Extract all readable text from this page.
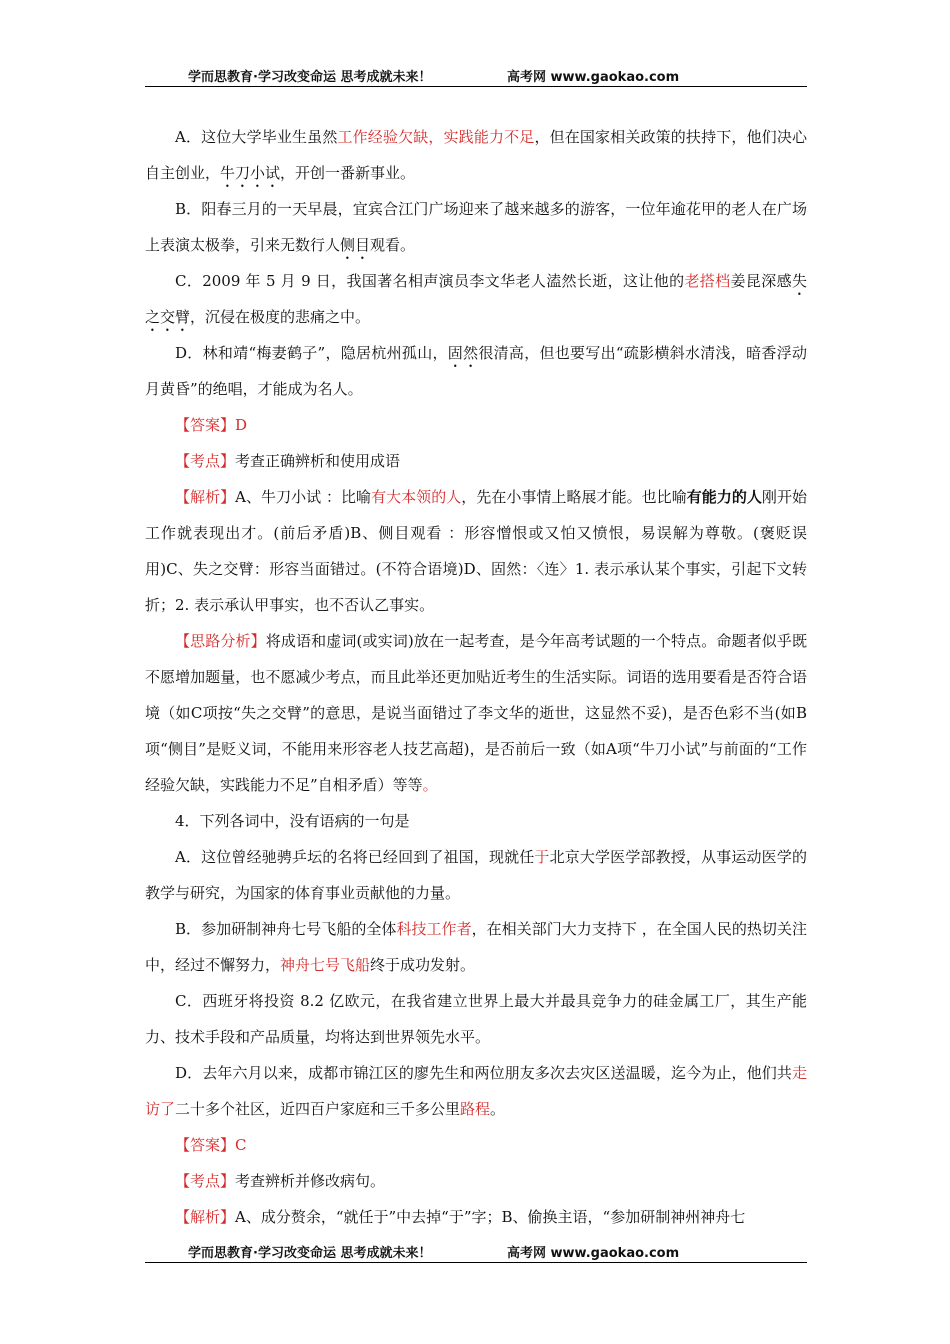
学而思教育·学习改变命运 思考成就未来！	高考网 www.gaokao.com

A．这位大学毕业生虽然工作经验欠缺，实践能力不足，但在国家相关政策的扶持下，他们决心自主创业，牛刀小试，开创一番新事业。

B．阳春三月的一天早晨，宜宾合江门广场迎来了越来越多的游客，一位年逾花甲的老人在广场上表演太极拳，引来无数行人侧目观看。

C．2009 年 5 月 9 日，我国著名相声演员李文华老人溘然长逝，这让他的老搭档姜昆深感失之交臂，沉侵在极度的悲痛之中。

D．林和靖“梅妻鹤子”，隐居杭州孤山，固然很清高，但也要写出“疏影横斜水清浅，暗香浮动月黄昏”的绝唱，才能成为名人。

【答案】D

【考点】考查正确辨析和使用成语

【解析】A、牛刀小试 ：比喻有大本领的人，先在小事情上略展才能。也比喻有能力的人刚开始工作就表现出才。(前后矛盾)B、侧目观看 ：形容憎恨或又怕又愤恨，易误解为尊敬。(褒贬误用)C、失之交臂：形容当面错过。(不符合语境)D、固然：〈连〉1. 表示承认某个事实，引起下文转折；2. 表示承认甲事实，也不否认乙事实。

【思路分析】将成语和虚词(或实词)放在一起考查，是今年高考试题的一个特点。命题者似乎既不愿增加题量，也不愿减少考点，而且此举还更加贴近考生的生活实际。词语的选用要看是否符合语境（如C项按“失之交臂”的意思，是说当面错过了李文华的逝世，这显然不妥)，是否色彩不当(如B项“侧目”是贬义词，不能用来形容老人技艺高超)，是否前后一致（如A项“牛刀小试”与前面的“工作经验欠缺，实践能力不足”自相矛盾）等等。

4．下列各词中，没有语病的一句是

A．这位曾经驰骋乒坛的名将已经回到了祖国，现就任于北京大学医学部教授，从事运动医学的教学与研究，为国家的体育事业贡献他的力量。

B．参加研制神舟七号飞船的全体科技工作者，在相关部门大力支持下 ，在全国人民的热切关注中，经过不懈努力，神舟七号飞船终于成功发射。

C．西班牙将投资 8.2 亿欧元，在我省建立世界上最大并最具竞争力的硅金属工厂，其生产能力、技术手段和产品质量，均将达到世界领先水平。

D．去年六月以来，成都市锦江区的廖先生和两位朋友多次去灾区送温暖，迄今为止，他们共走访了二十多个社区，近四百户家庭和三千多公里路程。

【答案】C

【考点】考查辨析并修改病句。

【解析】A、成分赘余，“就任于”中去掉“于”字；B、偷换主语，“参加研制神州神舟七

学而思教育·学习改变命运 思考成就未来！	高考网 www.gaokao.com
